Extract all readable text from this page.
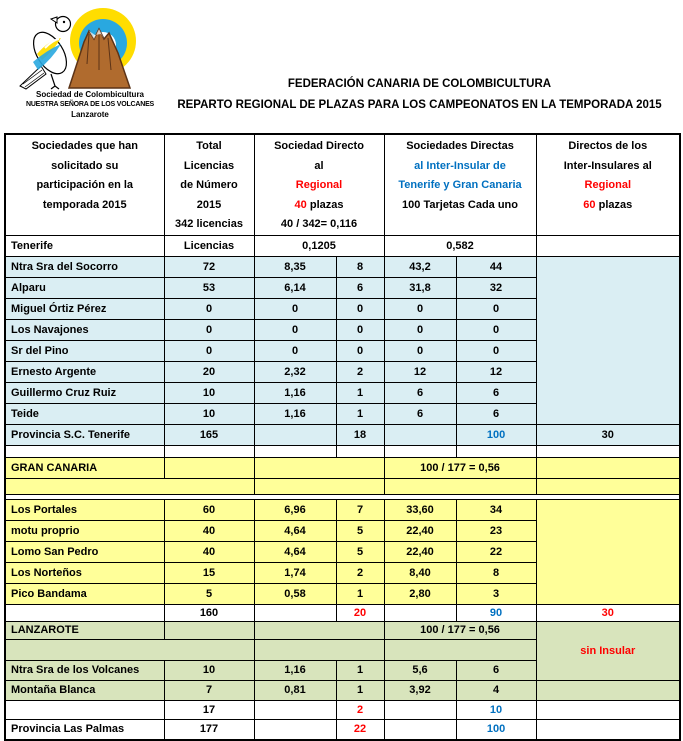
Sociedad de Colombicultura
NUESTRA SEÑORA DE LOS VOLCANES
Lanzarote
FEDERACIÓN CANARIA DE COLOMBICULTURA
REPARTO REGIONAL DE PLAZAS PARA LOS CAMPEONATOS EN LA TEMPORADA 2015
Sociedades que han
solicitado su
participación en la
temporada 2015

Total
Licencias
de Número
2015
342 licencias

Sociedad Directo
al
Regional
40 plazas
40 / 342= 0,116

Sociedades Directas
al Inter-Insular de
Tenerife y Gran Canaria
100 Tarjetas Cada uno

Directos de los
Inter-Insulares al
Regional
60 plazas

Tenerife	Licencias	0,1205		0,582		
Ntra Sra del Socorro	72	8,35	8	43,2	44	
Alparu	53	6,14	6	31,8	32	
Miguel Órtiz Pérez	0	0	0	0	0	
Los Navajones	0	0	0	0	0	
Sr del Pino	0	0	0	0	0	
Ernesto Argente	20	2,32	2	12	12	
Guillermo Cruz Ruiz	10	1,16	1	6	6	
Teide	10	1,16	1	6	6	
Provincia S.C. Tenerife	165		18		100	30

GRAN CANARIA				100 / 177 = 0,56		

Los Portales	60	6,96	7	33,60	34	
motu proprio	40	4,64	5	22,40	23	
Lomo San Pedro	40	4,64	5	22,40	22	
Los Norteños	15	1,74	2	8,40	8	
Pico Bandama	5	0,58	1	2,80	3	
	160		20		90	30
LANZAROTE				100 / 177 = 0,56		sin Insular

Ntra Sra de los Volcanes	10	1,16	1	5,6	6	
Montaña Blanca	7	0,81	1	3,92	4	
	17		2		10	
Provincia Las Palmas	177		22		100	
